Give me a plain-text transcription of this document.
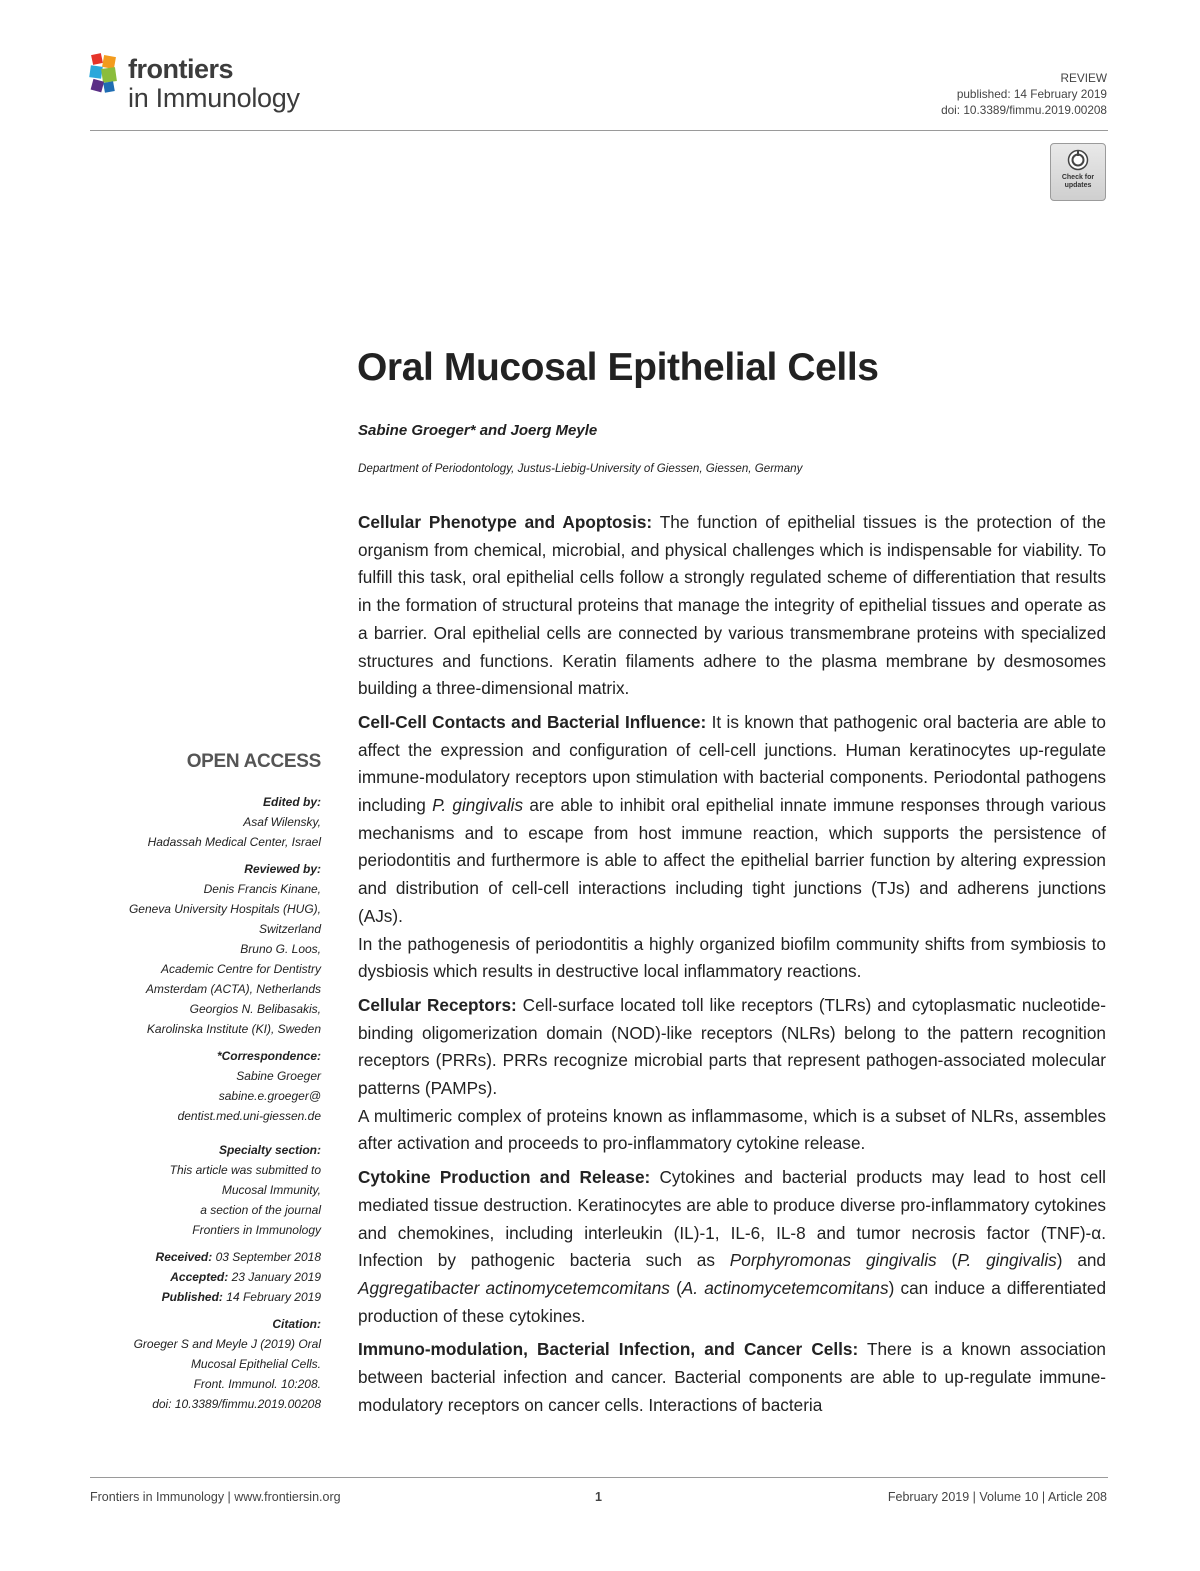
frontiers
in Immunology
REVIEW
published: 14 February 2019
doi: 10.3389/fimmu.2019.00208
Check for updates
Oral Mucosal Epithelial Cells
Sabine Groeger* and Joerg Meyle
Department of Periodontology, Justus-Liebig-University of Giessen, Giessen, Germany
OPEN ACCESS
Edited by:
Asaf Wilensky,
Hadassah Medical Center, Israel
Reviewed by:
Denis Francis Kinane,
Geneva University Hospitals (HUG),
Switzerland
Bruno G. Loos,
Academic Centre for Dentistry
Amsterdam (ACTA), Netherlands
Georgios N. Belibasakis,
Karolinska Institute (KI), Sweden
*Correspondence:
Sabine Groeger
sabine.e.groeger@
dentist.med.uni-giessen.de
Specialty section:
This article was submitted to
Mucosal Immunity,
a section of the journal
Frontiers in Immunology
Received: 03 September 2018
Accepted: 23 January 2019
Published: 14 February 2019
Citation:
Groeger S and Meyle J (2019) Oral
Mucosal Epithelial Cells.
Front. Immunol. 10:208.
doi: 10.3389/fimmu.2019.00208

Cellular Phenotype and Apoptosis: The function of epithelial tissues is the protection of the organism from chemical, microbial, and physical challenges which is indispensable for viability. To fulfill this task, oral epithelial cells follow a strongly regulated scheme of differentiation that results in the formation of structural proteins that manage the integrity of epithelial tissues and operate as a barrier. Oral epithelial cells are connected by various transmembrane proteins with specialized structures and functions. Keratin filaments adhere to the plasma membrane by desmosomes building a three-dimensional matrix.

Cell-Cell Contacts and Bacterial Influence: It is known that pathogenic oral bacteria are able to affect the expression and configuration of cell-cell junctions. Human keratinocytes up-regulate immune-modulatory receptors upon stimulation with bacterial components. Periodontal pathogens including P. gingivalis are able to inhibit oral epithelial innate immune responses through various mechanisms and to escape from host immune reaction, which supports the persistence of periodontitis and furthermore is able to affect the epithelial barrier function by altering expression and distribution of cell-cell interactions including tight junctions (TJs) and adherens junctions (AJs).

In the pathogenesis of periodontitis a highly organized biofilm community shifts from symbiosis to dysbiosis which results in destructive local inflammatory reactions.

Cellular Receptors: Cell-surface located toll like receptors (TLRs) and cytoplasmatic nucleotide-binding oligomerization domain (NOD)-like receptors (NLRs) belong to the pattern recognition receptors (PRRs). PRRs recognize microbial parts that represent pathogen-associated molecular patterns (PAMPs).

A multimeric complex of proteins known as inflammasome, which is a subset of NLRs, assembles after activation and proceeds to pro-inflammatory cytokine release.

Cytokine Production and Release: Cytokines and bacterial products may lead to host cell mediated tissue destruction. Keratinocytes are able to produce diverse pro-inflammatory cytokines and chemokines, including interleukin (IL)-1, IL-6, IL-8 and tumor necrosis factor (TNF)-α. Infection by pathogenic bacteria such as Porphyromonas gingivalis (P. gingivalis) and Aggregatibacter actinomycetemcomitans (A. actinomycetemcomitans) can induce a differentiated production of these cytokines.

Immuno-modulation, Bacterial Infection, and Cancer Cells: There is a known association between bacterial infection and cancer. Bacterial components are able to up-regulate immune-modulatory receptors on cancer cells. Interactions of bacteria

Frontiers in Immunology | www.frontiersin.org	1	February 2019 | Volume 10 | Article 208
